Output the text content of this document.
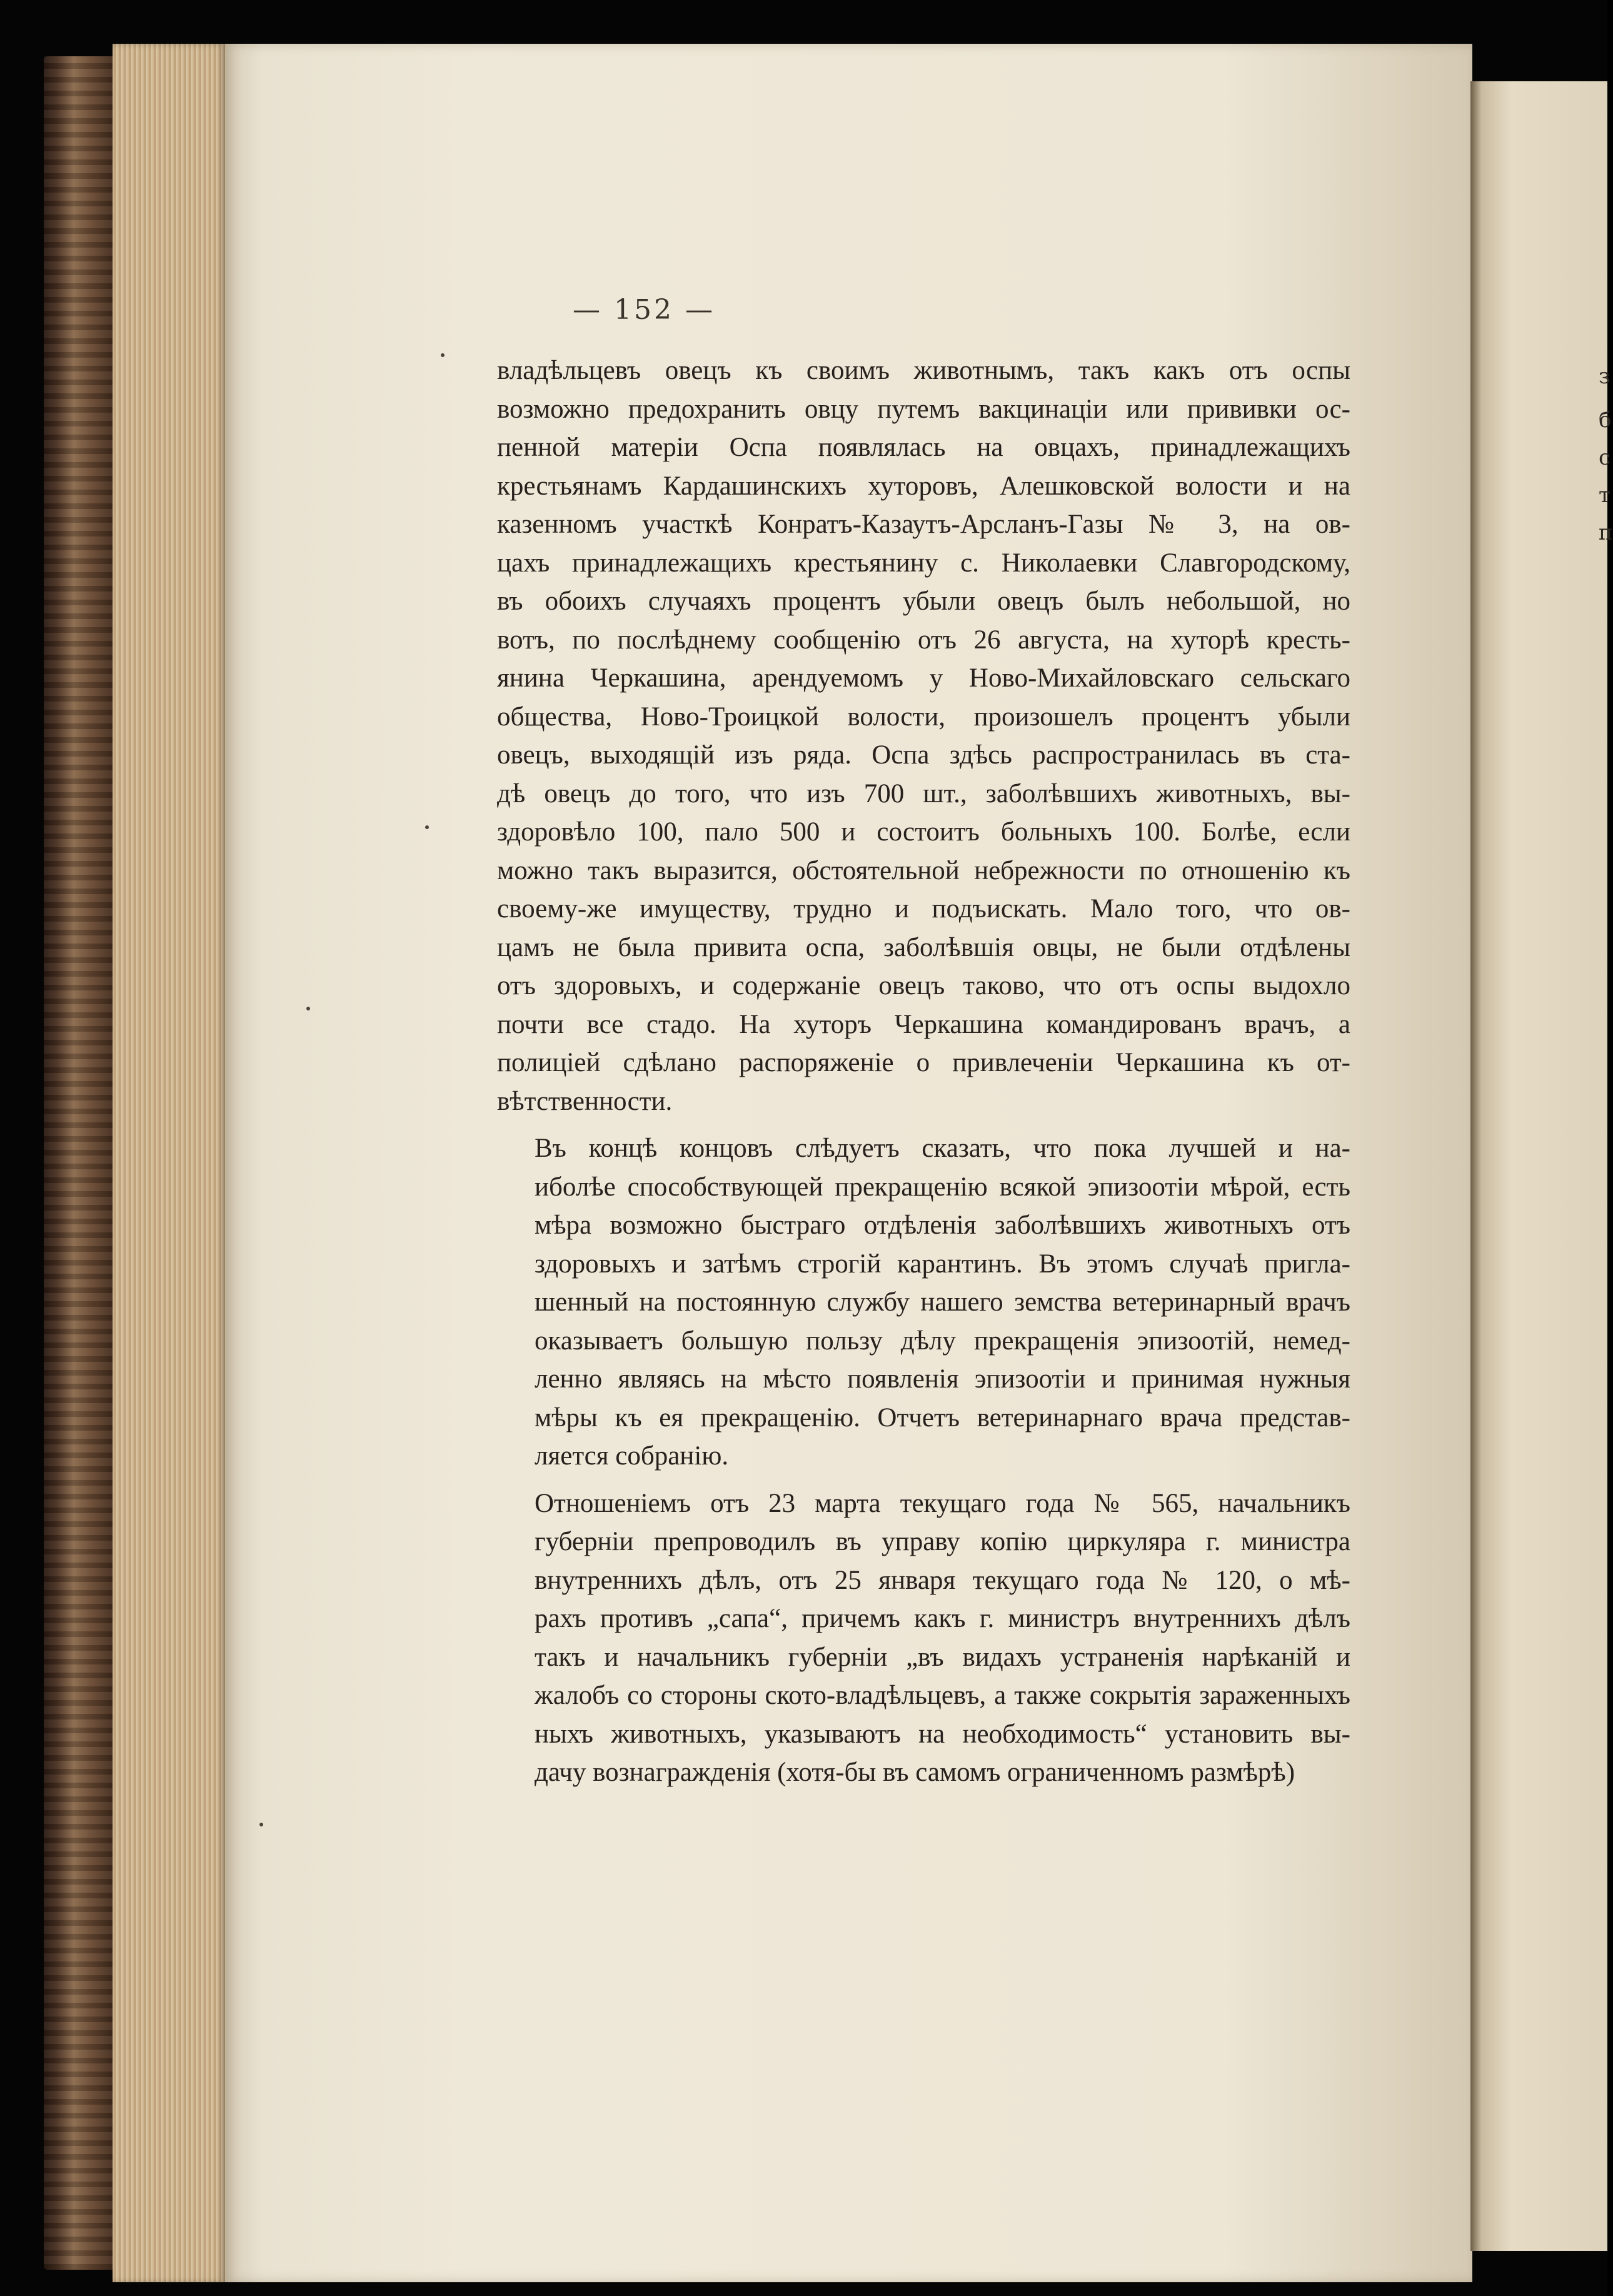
— 152 —
владѣльцевъ овецъ къ своимъ животнымъ, такъ какъ отъ оспы
возможно предохранить овцу путемъ вакцинаціи или прививки ос-
пенной матеріи Оспа появлялась на овцахъ, принадлежащихъ
крестьянамъ Кардашинскихъ хуторовъ, Алешковской волости и на
казенномъ участкѣ Конратъ-Казаутъ-Арсланъ-Газы № 3, на ов-
цахъ принадлежащихъ крестьянину с. Николаевки Славгородскому,
въ обоихъ случаяхъ процентъ убыли овецъ былъ небольшой, но
вотъ, по послѣднему сообщенію отъ 26 августа, на хуторѣ кресть-
янина Черкашина, арендуемомъ у Ново-Михайловскаго сельскаго
общества, Ново-Троицкой волости, произошелъ процентъ убыли
овецъ, выходящій изъ ряда. Оспа здѣсь распространилась въ ста-
дѣ овецъ до того, что изъ 700 шт., заболѣвшихъ животныхъ, вы-
здоровѣло 100, пало 500 и состоитъ больныхъ 100. Болѣе, если
можно такъ выразится, обстоятельной небрежности по отношенію къ
своему-же имуществу, трудно и подъискать. Мало того, что ов-
цамъ не была привита оспа, заболѣвшія овцы, не были отдѣлены
отъ здоровыхъ, и содержаніе овецъ таково, что отъ оспы выдохло
почти все стадо. На хуторъ Черкашина командированъ врачъ, а
полиціей сдѣлано распоряженіе о привлеченіи Черкашина къ от-
вѣтственности.
Въ концѣ концовъ слѣдуетъ сказать, что пока лучшей и на-
иболѣе способствующей прекращенію всякой эпизоотіи мѣрой, есть
мѣра возможно быстраго отдѣленія заболѣвшихъ животныхъ отъ
здоровыхъ и затѣмъ строгій карантинъ. Въ этомъ случаѣ пригла-
шенный на постоянную службу нашего земства ветеринарный врачъ
оказываетъ большую пользу дѣлу прекращенія эпизоотій, немед-
ленно являясь на мѣсто появленія эпизоотіи и принимая нужныя
мѣры къ ея прекращенію. Отчетъ ветеринарнаго врача представ-
ляется собранію.
Отношеніемъ отъ 23 марта текущаго года № 565, начальникъ
губерніи препроводилъ въ управу копію циркуляра г. министра
внутреннихъ дѣлъ, отъ 25 января текущаго года № 120, о мѣ-
рахъ противъ „сапа“, причемъ какъ г. министръ внутреннихъ дѣлъ
такъ и начальникъ губерніи „въ видахъ устраненія нарѣканій и
жалобъ со стороны ското-владѣльцевъ, а также сокрытія зараженныхъ
ныхъ животныхъ, указываютъ на необходимость“ установить вы-
дачу вознагражденія (хотя-бы въ самомъ ограниченномъ размѣрѣ)
з
б
с
т
п
